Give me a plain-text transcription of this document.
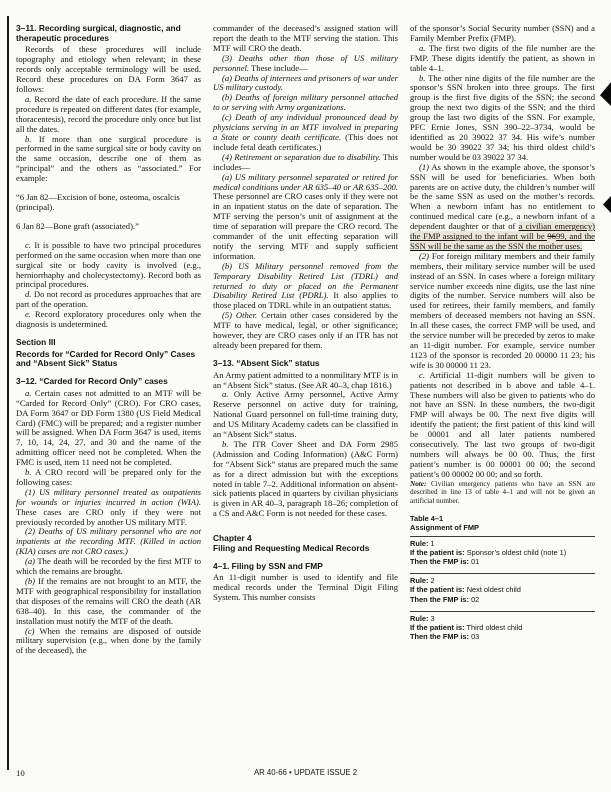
3–11. Recording surgical, diagnostic, and therapeutic procedures

Records of these procedures will include topography and etiology when relevant; in these records only acceptable terminology will be used. Record these procedures on DA Form 3647 as follows:

a. Record the date of each procedure. If the same procedure is repeated on different dates (for example, thoracentesis), record the procedure only once but list all the dates.

b. If more than one surgical procedure is performed in the same surgical site or body cavity on the same occasion, describe one of them as “principal” and the others as “associated.” For example:

“6 Jan 82—Excision of bone, osteoma, oscalcis (principal).

6 Jan 82—Bone graft (associated).”

c. It is possible to have two principal procedures performed on the same occasion when more than one surgical site or body cavity is involved (e.g., herniorrhaphy and cholecystectomy). Record both as principal procedures.

d. Do not record as procedures approaches that are part of the operation.

e. Record exploratory procedures only when the diagnosis is undetermined.

Section III
Records for “Carded for Record Only” Cases and “Absent Sick” Status
3–12. “Carded for Record Only” cases

a. Certain cases not admitted to an MTF will be “Carded for Record Only” (CRO). For CRO cases, DA Form 3647 or DD Form 1380 (US Field Medical Card) (FMC) will be prepared; and a register number will be assigned. When DA Form 3647 is used, items 7, 10, 14, 24, 27, and 30 and the name of the admitting officer need not be completed. When the FMC is used, item 11 need not be completed.

b. A CRO record will be prepared only for the following cases:

(1) US military personnel treated as outpatients for wounds or injuries incurred in action (WIA). These cases are CRO only if they were not previously recorded by another US military MTF.

(2) Deaths of US military personnel who are not inpatients at the recording MTF. (Killed in action (KIA) cases are not CRO cases.)

(a) The death will be recorded by the first MTF to which the remains are brought.

(b) If the remains are not brought to an MTF, the MTF with geographical responsibility for installation that disposes of the remains will CRO the death (AR 638–40). In this case, the commander of the installation must notify the MTF of the death.

(c) When the remains are disposed of outside military supervision (e.g., when done by the family of the deceased), the

commander of the deceased’s assigned station will report the death to the MTF serving the station. This MTF will CRO the death.

(3) Deaths other than those of US military personnel. These include—

(a) Deaths of internees and prisoners of war under US military custody.

(b) Deaths of foreign military personnel attached to or serving with Army organizations.

(c) Death of any individual pronounced dead by physicians serving in an MTF involved in preparing a State or county death certificate. (This does not include fetal death certificates.)

(4) Retirement or separation due to disability. This includes—

(a) US military personnel separated or retired for medical conditions under AR 635–40 or AR 635–200. These personnel are CRO cases only if they were not in an inpatient status on the date of separation. The MTF serving the person’s unit of assignment at the time of separation will prepare the CRO record. The commander of the unit effecting separation will notify the serving MTF and supply sufficient information.

(b) US Military personnel removed from the Temporary Disability Retired List (TDRL) and returned to duty or placed on the Permanent Disability Retired List (PDRL). It also applies to those placed on TDRL while in an outpatient status.

(5) Other. Certain other cases considered by the MTF to have medical, legal, or other significance; however, they are CRO cases only if an ITR has not already been prepared for them.

3–13. “Absent Sick” status

An Army patient admitted to a nonmilitary MTF is in an “Absent Sick” status. (See AR 40–3, chap 1816.)

a. Only Active Army personnel, Active Army Reserve personnel on active duty for training, National Guard personnel on full-time training duty, and US Military Academy cadets can be classified in an “Absent Sick” status.

b. The ITR Cover Sheet and DA Form 2985 (Admission and Coding Information) (A&C Form) for “Absent Sick” status are prepared much the same as for a direct admission but with the exceptions noted in table 7–2. Additional information on absent-sick patients placed in quarters by civilian physicians is given in AR 40–3, paragraph 18–26; completion of a CS and A&C Form is not needed for these cases.

Chapter 4
Filing and Requesting Medical Records
4–1. Filing by SSN and FMP

An 11-digit number is used to identify and file medical records under the Terminal Digit Filing System. This number consists

of the sponsor’s Social Security number (SSN) and a Family Member Prefix (FMP).

a. The first two digits of the file number are the FMP. These digits identify the patient, as shown in table 4–1.

b. The other nine digits of the file number are the sponsor’s SSN broken into three groups. The first group is the first five digits of the SSN; the second group the next two digits of the SSN; and the third group the last two digits of the SSN. For example, PFC Ernie Jones, SSN 390–22–3734, would be identified as 20 39022 37 34. His wife’s number would be 30 39022 37 34; his third oldest child’s number would be 03 39022 37 34.

(1) As shown in the example above, the sponsor’s SSN will be used for beneficiaries. When both parents are on active duty, the children’s number will be the same SSN as used on the mother’s records. When a newborn infant has no entitlement to continued medical care (e.g., a newborn infant of a dependent daughter or that of a civilian emergency) the FMP assigned to the infant will be 9699, and the SSN will be the same as the SSN the mother uses.

(2) For foreign military members and their family members, their military service number will be used instead of an SSN. In cases where a foreign military service number exceeds nine digits, use the last nine digits of the number. Service numbers will also be used for retirees, their family members, and family members of deceased members not having an SSN. In all these cases, the correct FMP will be used, and the service number will be preceded by zeros to make an 11-digit number. For example, service number 1123 of the sponsor is recorded 20 00000 11 23; his wife is 30 00000 11 23.

c. Artificial 11-digit numbers will be given to patients not described in b above and table 4–1. These numbers will also be given to patients who do not have an SSN. In these numbers, the two-digit FMP will always be 00. The next five digits will identify the patient; the first patient of this kind will be 00001 and all later patients numbered consecutively. The last two groups of two-digit numbers will always be 00 00. Thus, the first patient’s number is 00 00001 00 00; the second patient’s 00 00002 00 00; and so forth.

Note: Civilian emergency patients who have an SSN are described in line 13 of table 4–1 and will not be given an artificial number.

Table 4–1
Assignment of FMP
Rule: 1
If the patient is: Sponsor’s oldest child (note 1)
Then the FMP is: 01
Rule: 2
If the patient is: Next oldest child
Then the FMP is: 02
Rule: 3
If the patient is: Third oldest child
Then the FMP is: 03
10	AR 40-66 • UPDATE ISSUE 2
